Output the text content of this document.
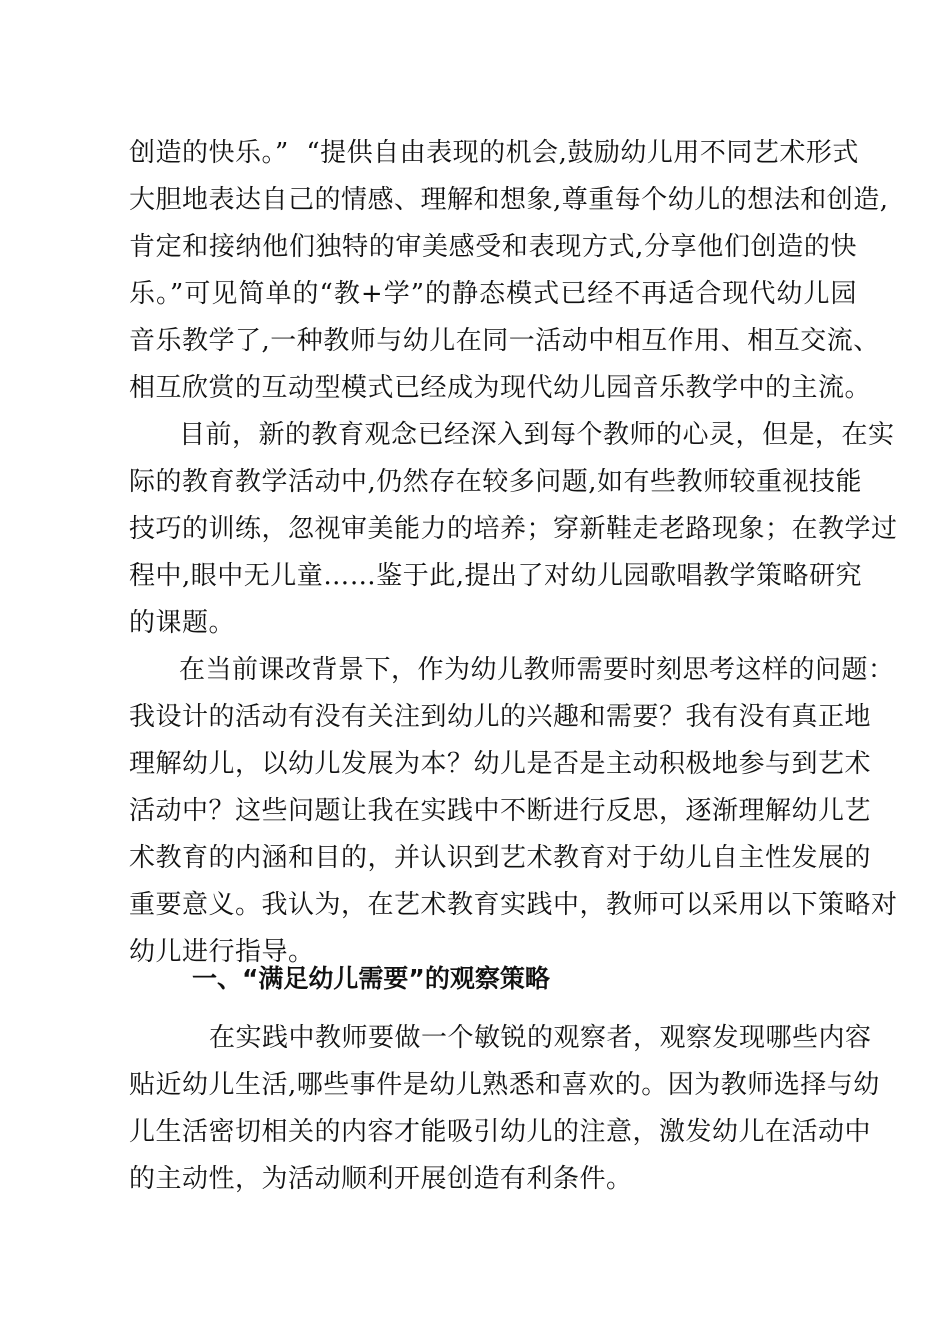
创造的快乐。”  “提供自由表现的机会,鼓励幼儿用不同艺术形式
大胆地表达自己的情感、理解和想象,尊重每个幼儿的想法和创造,
肯定和接纳他们独特的审美感受和表现方式,分享他们创造的快
乐。”可见简单的“教+学”的静态模式已经不再适合现代幼儿园
音乐教学了,一种教师与幼儿在同一活动中相互作用、相互交流、
相互欣赏的互动型模式已经成为现代幼儿园音乐教学中的主流。
目前，新的教育观念已经深入到每个教师的心灵，但是，在实
际的教育教学活动中,仍然存在较多问题,如有些教师较重视技能
技巧的训练，忽视审美能力的培养；穿新鞋走老路现象；在教学过
程中,眼中无儿童……鉴于此,提出了对幼儿园歌唱教学策略研究
的课题。
在当前课改背景下，作为幼儿教师需要时刻思考这样的问题：
我设计的活动有没有关注到幼儿的兴趣和需要？我有没有真正地
理解幼儿，以幼儿发展为本？幼儿是否是主动积极地参与到艺术
活动中？这些问题让我在实践中不断进行反思，逐渐理解幼儿艺
术教育的内涵和目的，并认识到艺术教育对于幼儿自主性发展的
重要意义。我认为，在艺术教育实践中，教师可以采用以下策略对
幼儿进行指导。
在实践中教师要做一个敏锐的观察者，观察发现哪些内容
贴近幼儿生活,哪些事件是幼儿熟悉和喜欢的。因为教师选择与幼
儿生活密切相关的内容才能吸引幼儿的注意，激发幼儿在活动中
的主动性，为活动顺利开展创造有利条件。
一、“满足幼儿需要”的观察策略
